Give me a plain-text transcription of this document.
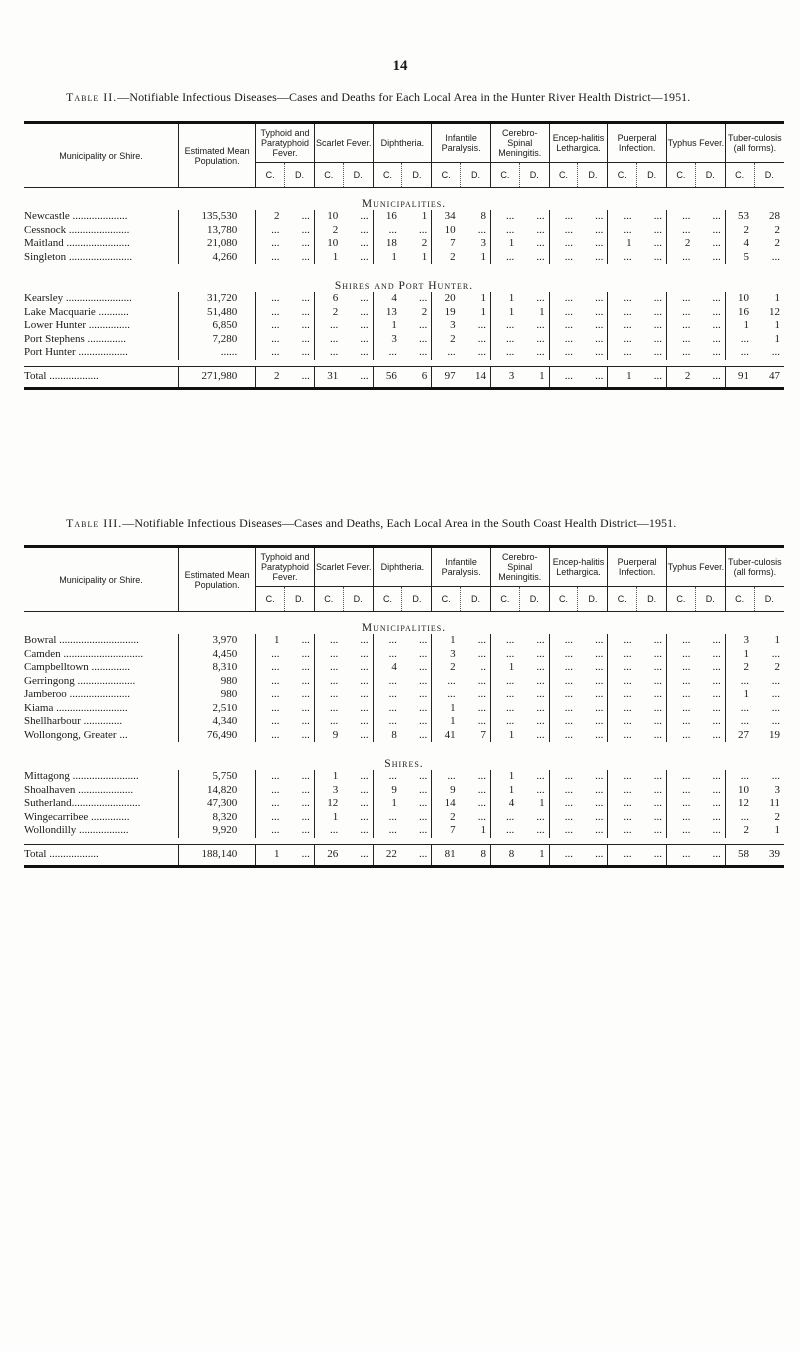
14
Table II.—Notifiable Infectious Diseases—Cases and Deaths for Each Local Area in the Hunter River Health District—1951.

Municipality or Shire.	Estimated Mean Population.	Typhoid and Paratyphoid Fever.		Scarlet Fever.		Diphtheria.		Infantile Paralysis.		Cerebro-Spinal Meningitis.		Encep-halitis Lethargica.		Puerperal Infection.		Typhus Fever.		Tuber-culosis (all forms).	
		C.	D.	C.	D.	C.	D.	C.	D.	C.	D.	C.	D.	C.	D.	C.	D.	C.	D.

Municipalities.																			
Newcastle ....................	135,530	2	...	10	...	16	1	34	8	...	...	...	...	...	...	...	...	53	28
Cessnock ......................	13,780	...	...	2	...	...	...	10	...	...	...	...	...	...	...	...	...	2	2
Maitland .......................	21,080	...	...	10	...	18	2	7	3	1	...	...	...	1	...	2	...	4	2
Singleton .......................	4,260	...	...	1	...	1	1	2	1	...	...	...	...	...	...	...	...	5	...

Shires and Port Hunter.																			
Kearsley ........................	31,720	...	...	6	...	4	...	20	1	1	...	...	...	...	...	...	...	10	1
Lake Macquarie ...........	51,480	...	...	2	...	13	2	19	1	1	1	...	...	...	...	...	...	16	12
Lower Hunter ...............	6,850	...	...	...	...	1	...	3	...	...	...	...	...	...	...	...	...	1	1
Port Stephens ..............	7,280	...	...	...	...	3	...	2	...	...	...	...	...	...	...	...	...	...	1
Port Hunter ..................	......	...	...	...	...	...	...	...	...	...	...	...	...	...	...	...	...	...	...

Total ..................	271,980	2	...	31	...	56	6	97	14	3	1	...	...	1	...	2	...	91	47

Table III.—Notifiable Infectious Diseases—Cases and Deaths, Each Local Area in the South Coast Health District—1951.

Municipality or Shire.	Estimated Mean Population.	Typhoid and Paratyphoid Fever.		Scarlet Fever.		Diphtheria.		Infantile Paralysis.		Cerebro-Spinal Meningitis.		Encep-halitis Lethargica.		Puerperal Infection.		Typhus Fever.		Tuber-culosis (all forms).	
		C.	D.	C.	D.	C.	D.	C.	D.	C.	D.	C.	D.	C.	D.	C.	D.	C.	D.

Municipalities.																			
Bowral .............................	3,970	1	...	...	...	...	...	1	...	...	...	...	...	...	...	...	...	3	1
Camden .............................	4,450	...	...	...	...	...	...	3	...	...	...	...	...	...	...	...	...	1	...
Campbelltown ..............	8,310	...	...	...	...	4	...	2	..	1	...	...	...	...	...	...	...	2	2
Gerringong .....................	980	...	...	...	...	...	...	...	...	...	...	...	...	...	...	...	...	...	...
Jamberoo ......................	980	...	...	...	...	...	...	...	...	...	...	...	...	...	...	...	...	1	...
Kiama ..........................	2,510	...	...	...	...	...	...	1	...	...	...	...	...	...	...	...	...	...	...
Shellharbour ..............	4,340	...	...	...	...	...	...	1	...	...	...	...	...	...	...	...	...	...	...
Wollongong, Greater ...	76,490	...	...	9	...	8	...	41	7	1	...	...	...	...	...	...	...	27	19

Shires.																			
Mittagong ........................	5,750	...	...	1	...	...	...	...	...	1	...	...	...	...	...	...	...	...	...
Shoalhaven ....................	14,820	...	...	3	...	9	...	9	...	1	...	...	...	...	...	...	...	10	3
Sutherland.........................	47,300	...	...	12	...	1	...	14	...	4	1	...	...	...	...	...	...	12	11
Wingecarribee ..............	8,320	...	...	1	...	...	...	2	...	...	...	...	...	...	...	...	...	...	2
Wollondilly ..................	9,920	...	...	...	...	...	...	7	1	...	...	...	...	...	...	...	...	2	1

Total ..................	188,140	1	...	26	...	22	...	81	8	8	1	...	...	...	...	...	...	58	39
